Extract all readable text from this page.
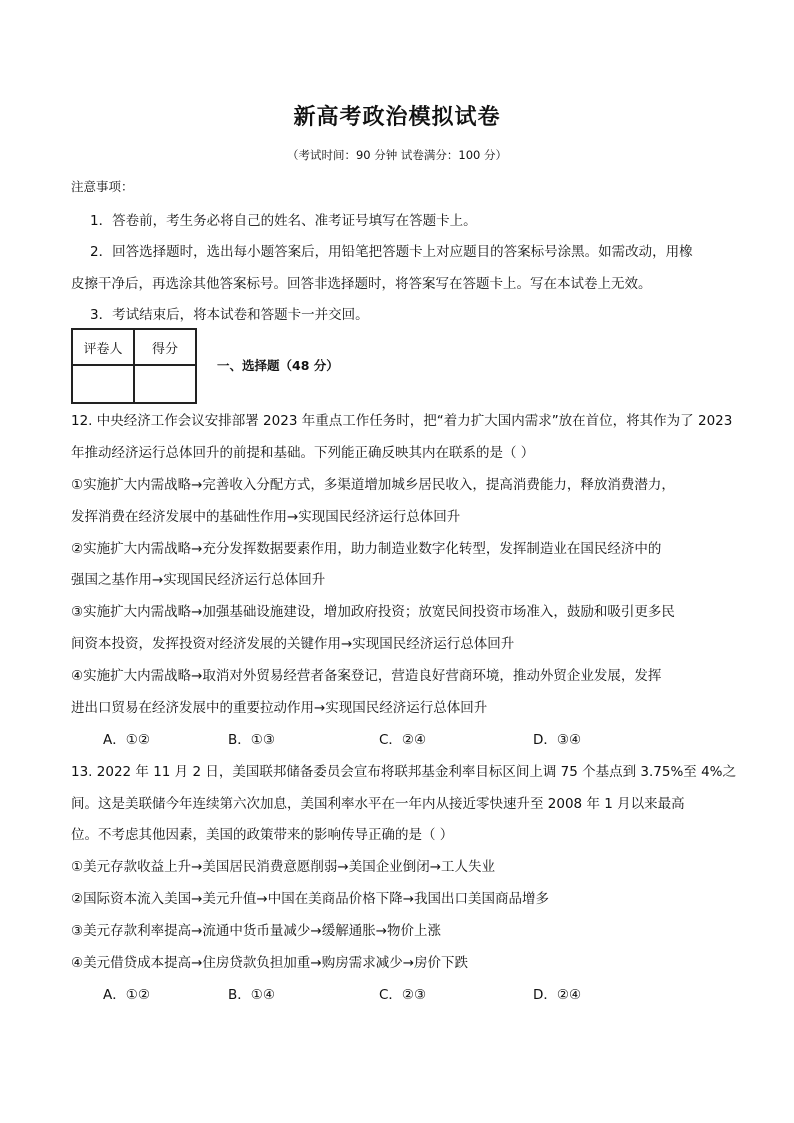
新高考政治模拟试卷
（考试时间：90 分钟 试卷满分：100 分）
注意事项：
1．答卷前，考生务必将自己的姓名、准考证号填写在答题卡上。
2．回答选择题时，选出每小题答案后，用铅笔把答题卡上对应题目的答案标号涂黑。如需改动，用橡
皮擦干净后，再选涂其他答案标号。回答非选择题时，将答案写在答题卡上。写在本试卷上无效。
3．考试结束后，将本试卷和答题卡一并交回。
评卷人	得分

一、选择题（48 分）
12. 中央经济工作会议安排部署 2023 年重点工作任务时，把“着力扩大国内需求”放在首位，将其作为了 2023
年推动经济运行总体回升的前提和基础。下列能正确反映其内在联系的是（ ）
①实施扩大内需战略→完善收入分配方式，多渠道增加城乡居民收入，提高消费能力，释放消费潜力，
发挥消费在经济发展中的基础性作用→实现国民经济运行总体回升
②实施扩大内需战略→充分发挥数据要素作用，助力制造业数字化转型，发挥制造业在国民经济中的
强国之基作用→实现国民经济运行总体回升
③实施扩大内需战略→加强基础设施建设，增加政府投资；放宽民间投资市场准入，鼓励和吸引更多民
间资本投资，发挥投资对经济发展的关键作用→实现国民经济运行总体回升
④实施扩大内需战略→取消对外贸易经营者备案登记，营造良好营商环境，推动外贸企业发展，发挥
进出口贸易在经济发展中的重要拉动作用→实现国民经济运行总体回升
A．①②	B．①③	C．②④	D．③④
13. 2022 年 11 月 2 日，美国联邦储备委员会宣布将联邦基金利率目标区间上调 75 个基点到 3.75%至 4%之
间。这是美联储今年连续第六次加息，美国利率水平在一年内从接近零快速升至 2008 年 1 月以来最高
位。不考虑其他因素，美国的政策带来的影响传导正确的是（ ）
①美元存款收益上升→美国居民消费意愿削弱→美国企业倒闭→工人失业
②国际资本流入美国→美元升值→中国在美商品价格下降→我国出口美国商品增多
③美元存款利率提高→流通中货币量减少→缓解通胀→物价上涨
④美元借贷成本提高→住房贷款负担加重→购房需求减少→房价下跌
A．①②	B．①④	C．②③	D．②④
